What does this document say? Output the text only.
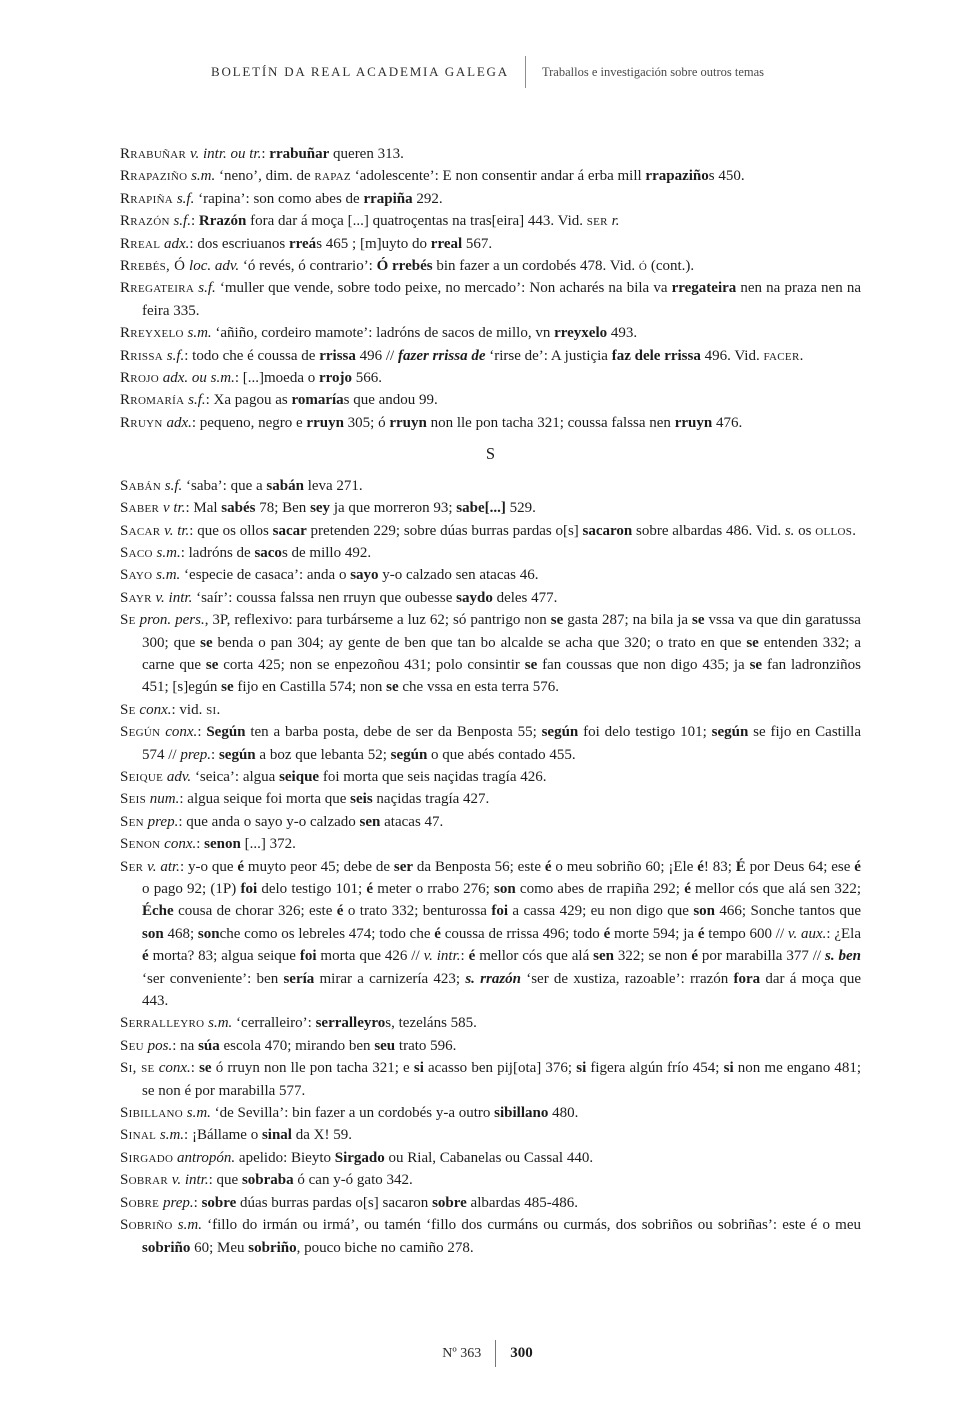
BOLETÍN DA REAL ACADEMIA GALEGA	Traballos e investigación sobre outros temas

Rrabuñar v. intr. ou tr.: rrabuñar queren 313.

Rrapaziño s.m. ‘neno’, dim. de rapaz ‘adolescente’: E non consentir andar á erba mill rrapaziños 450.

Rrapiña s.f. ‘rapina’: son como abes de rrapiña 292.

Rrazón s.f.: Rrazón fora dar á moça [...] quatroçentas na tras[eira] 443. Vid. ser r.

Rreal adx.: dos escriuanos rreás 465 ; [m]uyto do rreal 567.

Rrebés, Ó loc. adv. ‘ó revés, ó contrario’: Ó rrebés bin fazer a un cordobés 478. Vid. ó (cont.).

Rregateira s.f. ‘muller que vende, sobre todo peixe, no mercado’: Non acharés na bila va rregateira nen na praza nen na feira 335.

Rreyxelo s.m. ‘añiño, cordeiro mamote’: ladróns de sacos de millo, vn rreyxelo 493.

Rrissa s.f.: todo che é coussa de rrissa 496 // fazer rrissa de ‘rirse de’: A justiçia faz dele rrissa 496. Vid. facer.

Rrojo adx. ou s.m.: [...]moeda o rrojo 566.

Rromaría s.f.: Xa pagou as romarías que andou 99.

Rruyn adx.: pequeno, negro e rruyn 305; ó rruyn non lle pon tacha 321; coussa falssa nen rruyn 476.

S

Sabán s.f. ‘saba’: que a sabán leva 271.

Saber v tr.: Mal sabés 78; Ben sey ja que morreron 93; sabe[...] 529.

Sacar v. tr.: que os ollos sacar pretenden 229; sobre dúas burras pardas o[s] sacaron sobre albardas 486. Vid. s. os ollos.

Saco s.m.: ladróns de sacos de millo 492.

Sayo s.m. ‘especie de casaca’: anda o sayo y-o calzado sen atacas 46.

Sayr v. intr. ‘saír’: coussa falssa nen rruyn que oubesse saydo deles 477.

Se pron. pers., 3P, reflexivo: para turbárseme a luz 62; só pantrigo non se gasta 287; na bila ja se vssa va que din garatussa 300; que se benda o pan 304; ay gente de ben que tan bo alcalde se acha que 320; o trato en que se entenden 332; a carne que se corta 425; non se enpezoñou 431; polo consintir se fan coussas que non digo 435; ja se fan ladronziños 451; [s]egún se fijo en Castilla 574; non se che vssa en esta terra 576.

Se conx.: vid. si.

Según conx.: Según ten a barba posta, debe de ser da Benposta 55; según foi delo testigo 101; según se fijo en Castilla 574 // prep.: según a boz que lebanta 52; según o que abés contado 455.

Seique adv. ‘seica’: algua seique foi morta que seis naçidas tragía 426.

Seis num.: algua seique foi morta que seis naçidas tragía 427.

Sen prep.: que anda o sayo y-o calzado sen atacas 47.

Senon conx.: senon [...] 372.

Ser v. atr.: y-o que é muyto peor 45; debe de ser da Benposta 56; este é o meu sobriño 60; ¡Ele é! 83; É por Deus 64; ese é o pago 92; (1P) foi delo testigo 101; é meter o rrabo 276; son como abes de rrapiña 292; é mellor cós que alá sen 322; Éche cousa de chorar 326; este é o trato 332; benturossa foi a cassa 429; eu non digo que son 466; Sonche tantos que son 468; sonche como os lebreles 474; todo che é coussa de rrissa 496; todo é morte 594; ja é tempo 600 // v. aux.: ¿Ela é morta? 83; algua seique foi morta que 426 // v. intr.: é mellor cós que alá sen 322; se non é por marabilla 377 // s. ben ‘ser conveniente’: ben sería mirar a carnizería 423; s. rrazón ‘ser de xustiza, razoable’: rrazón fora dar á moça que 443.

Serralleyro s.m. ‘cerralleiro’: serralleyros, tezeláns 585.

Seu pos.: na súa escola 470; mirando ben seu trato 596.

Si, se conx.: se ó rruyn non lle pon tacha 321; e si acasso ben pij[ota] 376; si figera algún frío 454; si non me engano 481; se non é por marabilla 577.

Sibillano s.m. ‘de Sevilla’: bin fazer a un cordobés y-a outro sibillano 480.

Sinal s.m.: ¡Bállame o sinal da X! 59.

Sirgado antropón. apelido: Bieyto Sirgado ou Rial, Cabanelas ou Cassal 440.

Sobrar v. intr.: que sobraba ó can y-ó gato 342.

Sobre prep.: sobre dúas burras pardas o[s] sacaron sobre albardas 485-486.

Sobriño s.m. ‘fillo do irmán ou irmá’, ou tamén ‘fillo dos curmáns ou curmás, dos sobriños ou sobriñas’: este é o meu sobriño 60; Meu sobriño, pouco biche no camiño 278.

Nº 363 300
